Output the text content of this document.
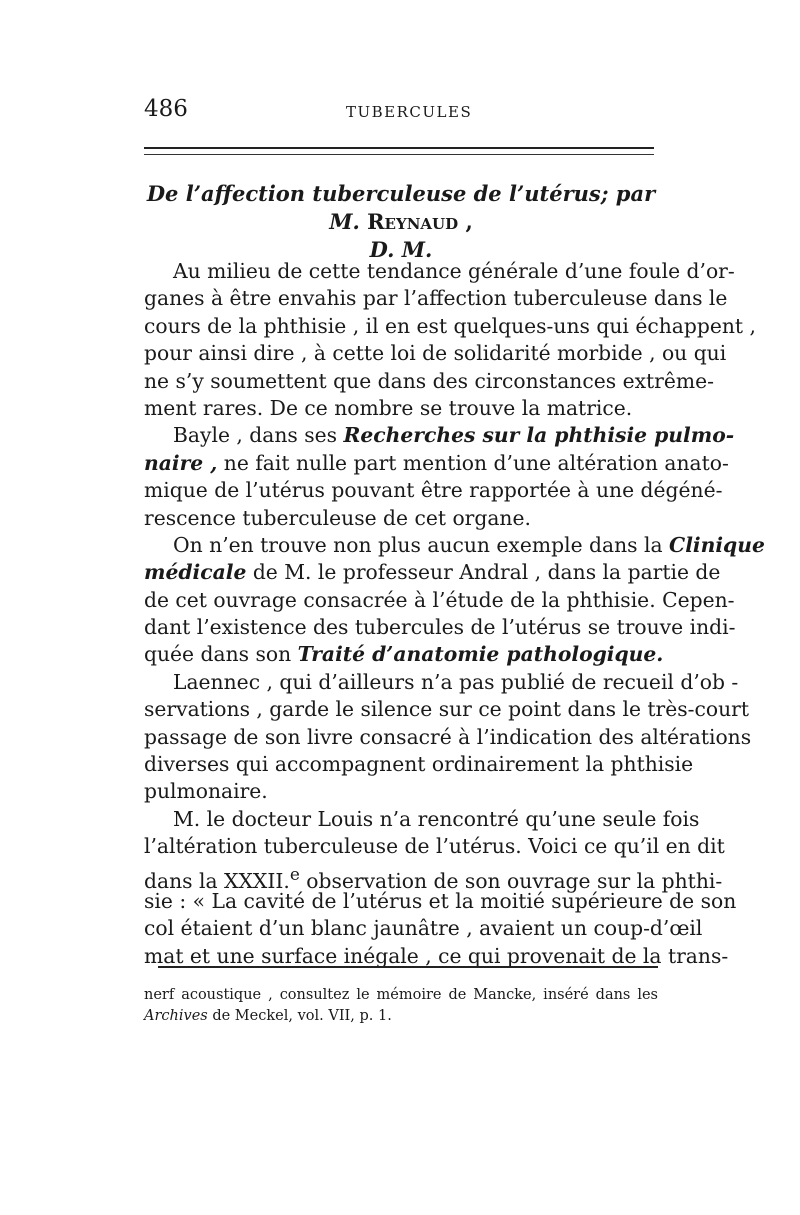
486	TUBERCULES
De l’affection tuberculeuse de l’utérus; par M. Reynaud ,
D. M.
Au milieu de cette tendance générale d’une foule d’or-
ganes à être envahis par l’affection tuberculeuse dans le
cours de la phthisie , il en est quelques-uns qui échappent ,
pour ainsi dire , à cette loi de solidarité morbide , ou qui
ne s’y soumettent que dans des circonstances extrême-
ment rares. De ce nombre se trouve la matrice.
Bayle , dans ses Recherches sur la phthisie pulmo-
naire , ne fait nulle part mention d’une altération anato-
mique de l’utérus pouvant être rapportée à une dégéné-
rescence tuberculeuse de cet organe.
On n’en trouve non plus aucun exemple dans la Clinique
médicale de M. le professeur Andral , dans la partie de
de cet ouvrage consacrée à l’étude de la phthisie. Cepen-
dant l’existence des tubercules de l’utérus se trouve indi-
quée dans son Traité d’anatomie pathologique.
Laennec , qui d’ailleurs n’a pas publié de recueil d’ob -
servations , garde le silence sur ce point dans le très-court
passage de son livre consacré à l’indication des altérations
diverses qui accompagnent ordinairement la phthisie
pulmonaire.
M. le docteur Louis n’a rencontré qu’une seule fois
l’altération tuberculeuse de l’utérus. Voici ce qu’il en dit
dans la XXXII.$^e$ observation de son ouvrage sur la phthi-
sie : « La cavité de l’utérus et la moitié supérieure de son
col étaient d’un blanc jaunâtre , avaient un coup-d’œil
mat et une surface inégale , ce qui provenait de la trans-
nerf acoustique , consultez le mémoire de Mancke, inséré dans les
Archives de Meckel, vol. VII, p. 1.
